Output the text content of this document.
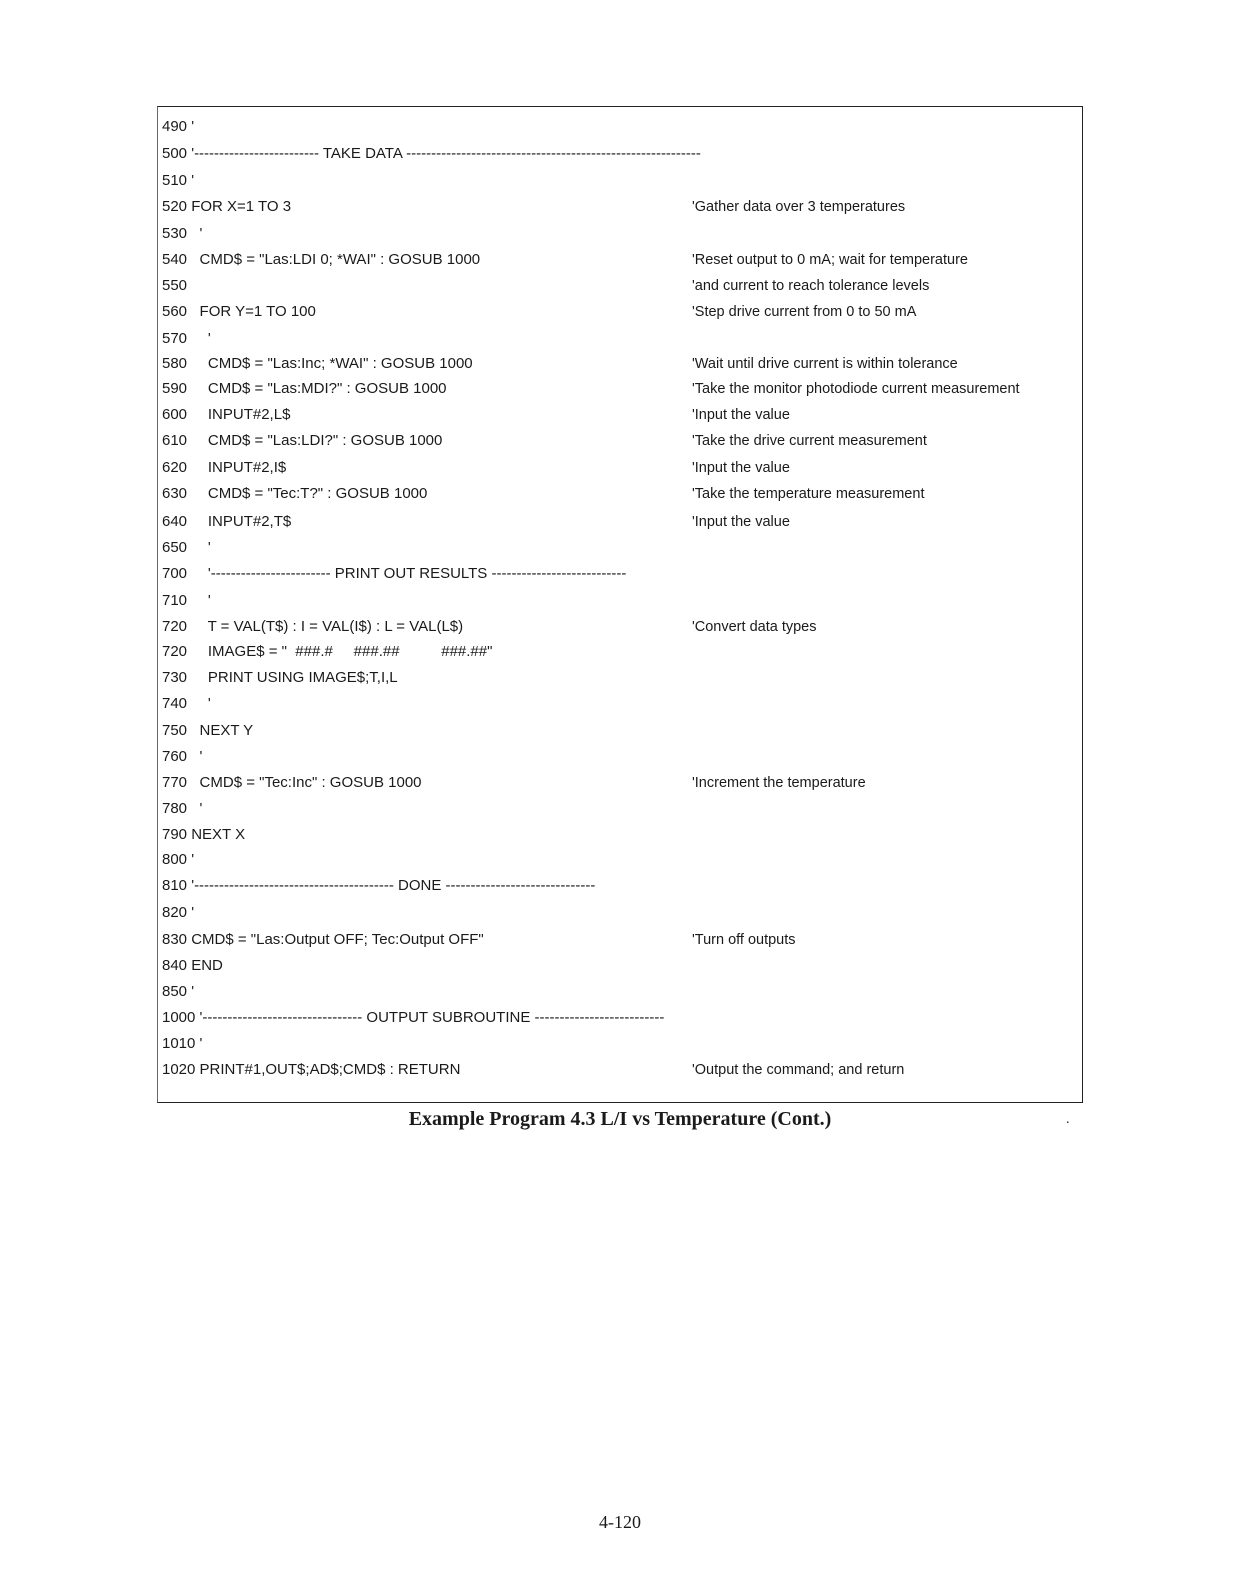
490 '
500 '------------------------- TAKE DATA -----------------------------------------------------------
510 '
520 FOR X=1 TO 3	'Gather data over 3 temperatures
530   '
540   CMD$ = "Las:LDI 0; *WAI" : GOSUB 1000	'Reset output to 0 mA; wait for temperature
550	'and current to reach tolerance levels
560   FOR Y=1 TO 100	'Step drive current from 0 to 50 mA
570     '
580     CMD$ = "Las:Inc; *WAI" : GOSUB 1000	'Wait until drive current is within tolerance
590     CMD$ = "Las:MDI?" : GOSUB 1000	'Take the monitor photodiode current measurement
600     INPUT#2,L$	'Input the value
610     CMD$ = "Las:LDI?" : GOSUB 1000	'Take the drive current measurement
620     INPUT#2,I$	'Input the value
630     CMD$ = "Tec:T?" : GOSUB 1000	'Take the temperature measurement
640     INPUT#2,T$	'Input the value
650     '
700     '------------------------ PRINT OUT RESULTS ---------------------------
710     '
720     T = VAL(T$) : I = VAL(I$) : L = VAL(L$)	'Convert data types
720     IMAGE$ = "  ###.#     ###.##          ###.##"
730     PRINT USING IMAGE$;T,I,L
740     '
750   NEXT Y
760   '
770   CMD$ = "Tec:Inc" : GOSUB 1000	'Increment the temperature
780   '
790 NEXT X
800 '
810 '---------------------------------------- DONE ------------------------------
820 '
830 CMD$ = "Las:Output OFF; Tec:Output OFF"	'Turn off outputs
840 END
850 '
1000 '-------------------------------- OUTPUT SUBROUTINE --------------------------
1010 '
1020 PRINT#1,OUT$;AD$;CMD$ : RETURN	'Output the command; and return
Example Program 4.3 L/I vs Temperature (Cont.)	.
4-120
